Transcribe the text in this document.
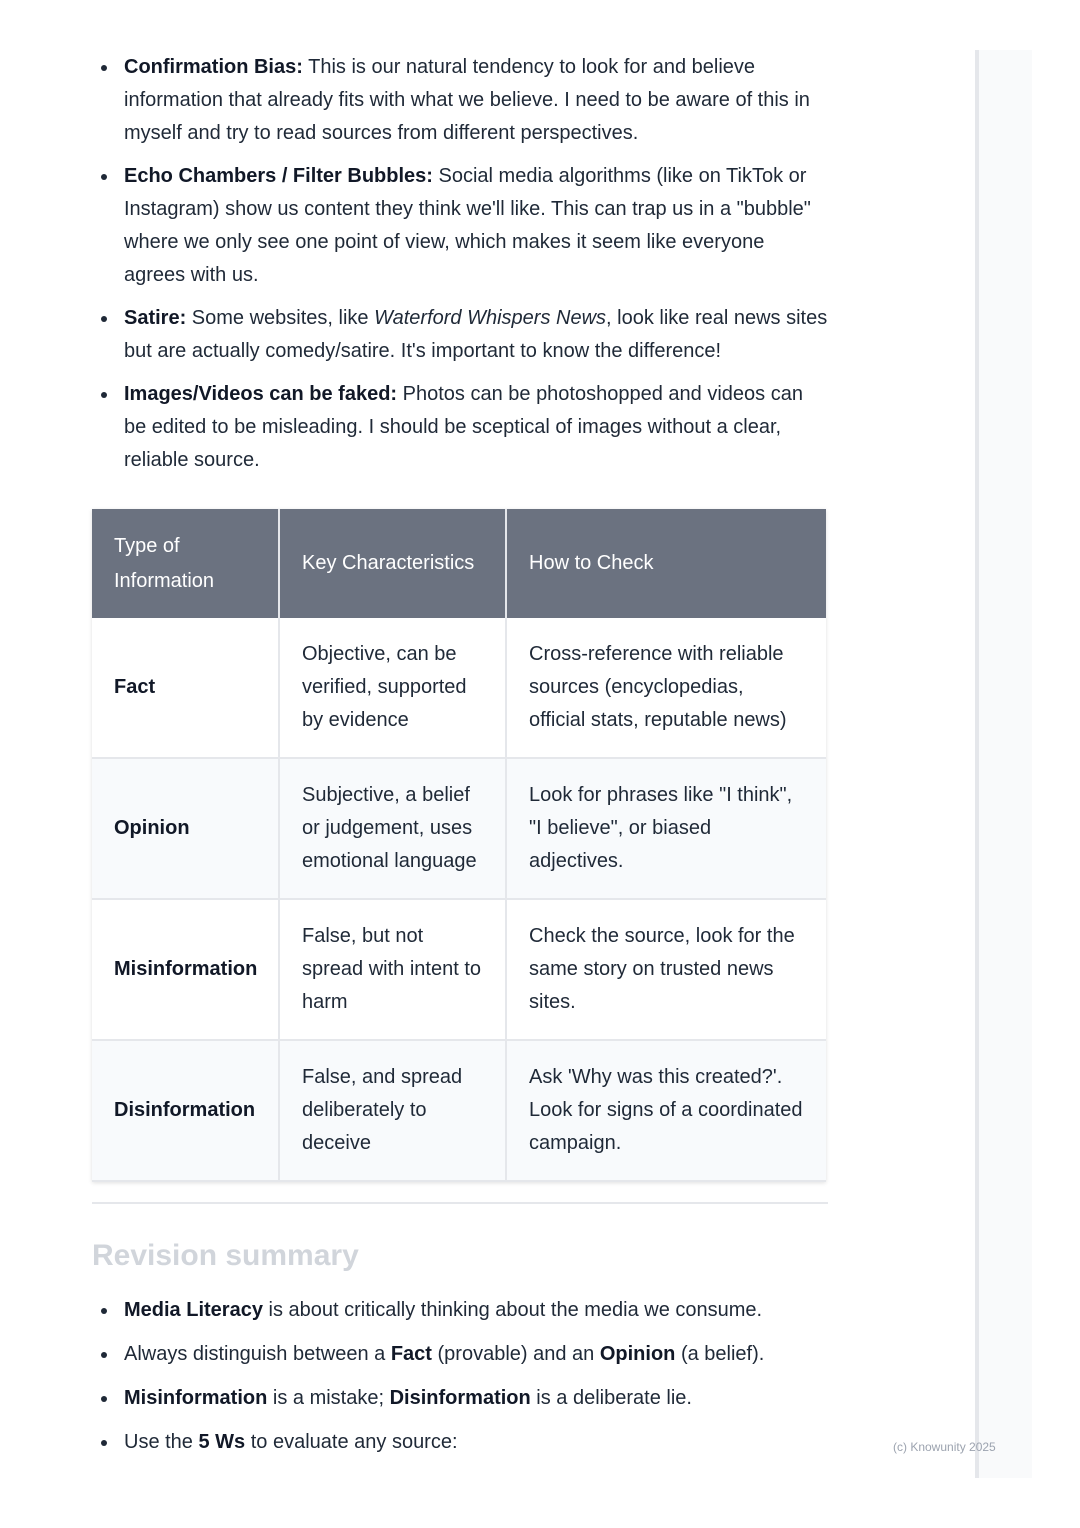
Confirmation Bias: This is our natural tendency to look for and believe information that already fits with what we believe. I need to be aware of this in myself and try to read sources from different perspectives.
Echo Chambers / Filter Bubbles: Social media algorithms (like on TikTok or Instagram) show us content they think we'll like. This can trap us in a "bubble" where we only see one point of view, which makes it seem like everyone agrees with us.
Satire: Some websites, like Waterford Whispers News, look like real news sites but are actually comedy/satire. It's important to know the difference!
Images/Videos can be faked: Photos can be photoshopped and videos can be edited to be misleading. I should be sceptical of images without a clear, reliable source.
Type of Information	Key Characteristics	How to Check
Fact	Objective, can be verified, supported by evidence	Cross-reference with reliable sources (encyclopedias, official stats, reputable news)
Opinion	Subjective, a belief or judgement, uses emotional language	Look for phrases like "I think", "I believe", or biased adjectives.
Misinformation	False, but not spread with intent to harm	Check the source, look for the same story on trusted news sites.
Disinformation	False, and spread deliberately to deceive	Ask 'Why was this created?'. Look for signs of a coordinated campaign.
Revision summary
Media Literacy is about critically thinking about the media we consume.
Always distinguish between a Fact (provable) and an Opinion (a belief).
Misinformation is a mistake; Disinformation is a deliberate lie.
Use the 5 Ws to evaluate any source:	(c) Knowunity 2025
